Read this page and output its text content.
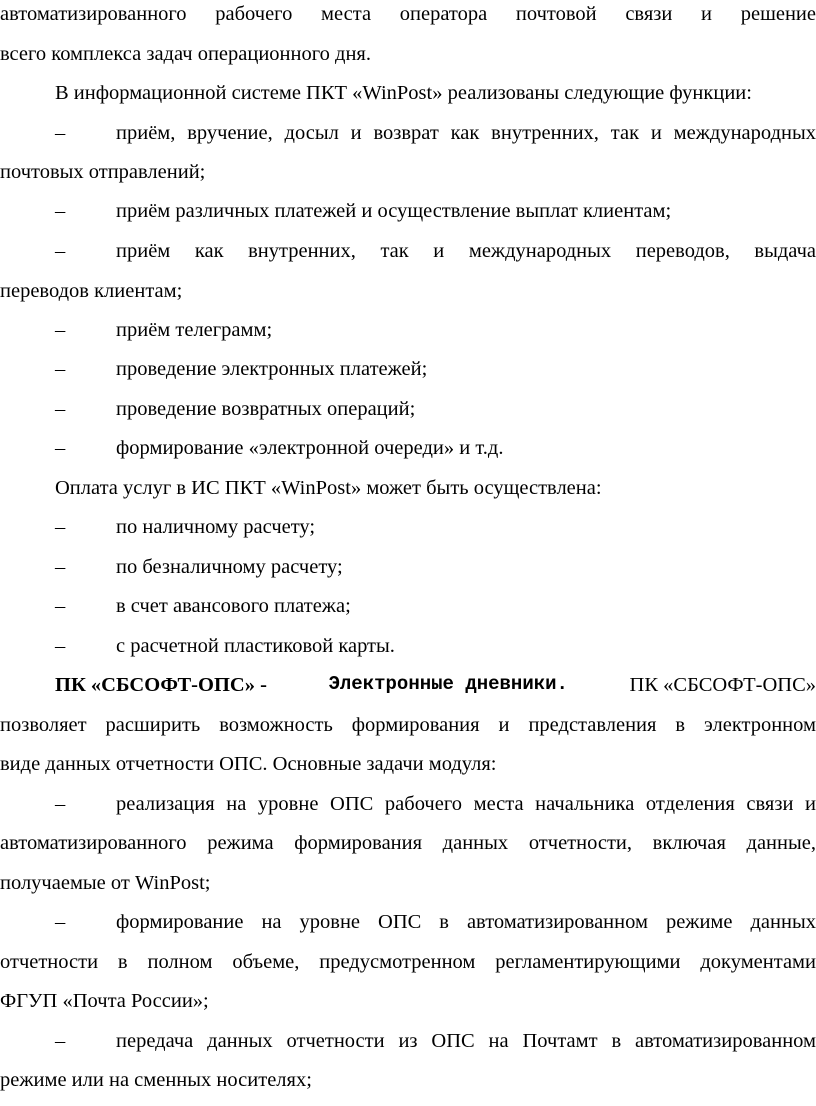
автоматизированного рабочего места оператора почтовой связи и решение
всего комплекса задач операционного дня.
В информационной системе ПКТ «WinPost» реализованы следующие функции:
– приём, вручение, досыл и возврат как внутренних, так и международных
почтовых отправлений;
– приём различных платежей и осуществление выплат клиентам;
– приём как внутренних, так и международных переводов, выдача
переводов клиентам;
– приём телеграмм;
– проведение электронных платежей;
– проведение возвратных операций;
– формирование «электронной очереди» и т.д.
Оплата услуг в ИС ПКТ «WinPost» может быть осуществлена:
– по наличному расчету;
– по безналичному расчету;
– в счет авансового платежа;
– с расчетной пластиковой карты.
ПК «СБСОФТ-ОПС» -	Электронные дневники.	ПК «СБСОФТ-ОПС»
позволяет расширить возможность формирования и представления в электронном
виде данных отчетности ОПС. Основные задачи модуля:
– реализация на уровне ОПС рабочего места начальника отделения связи и
автоматизированного режима формирования данных отчетности, включая данные,
получаемые от WinPost;
– формирование на уровне ОПС в автоматизированном режиме данных
отчетности в полном объеме, предусмотренном регламентирующими документами
ФГУП «Почта России»;
– передача данных отчетности из ОПС на Почтамт в автоматизированном
режиме или на сменных носителях;
